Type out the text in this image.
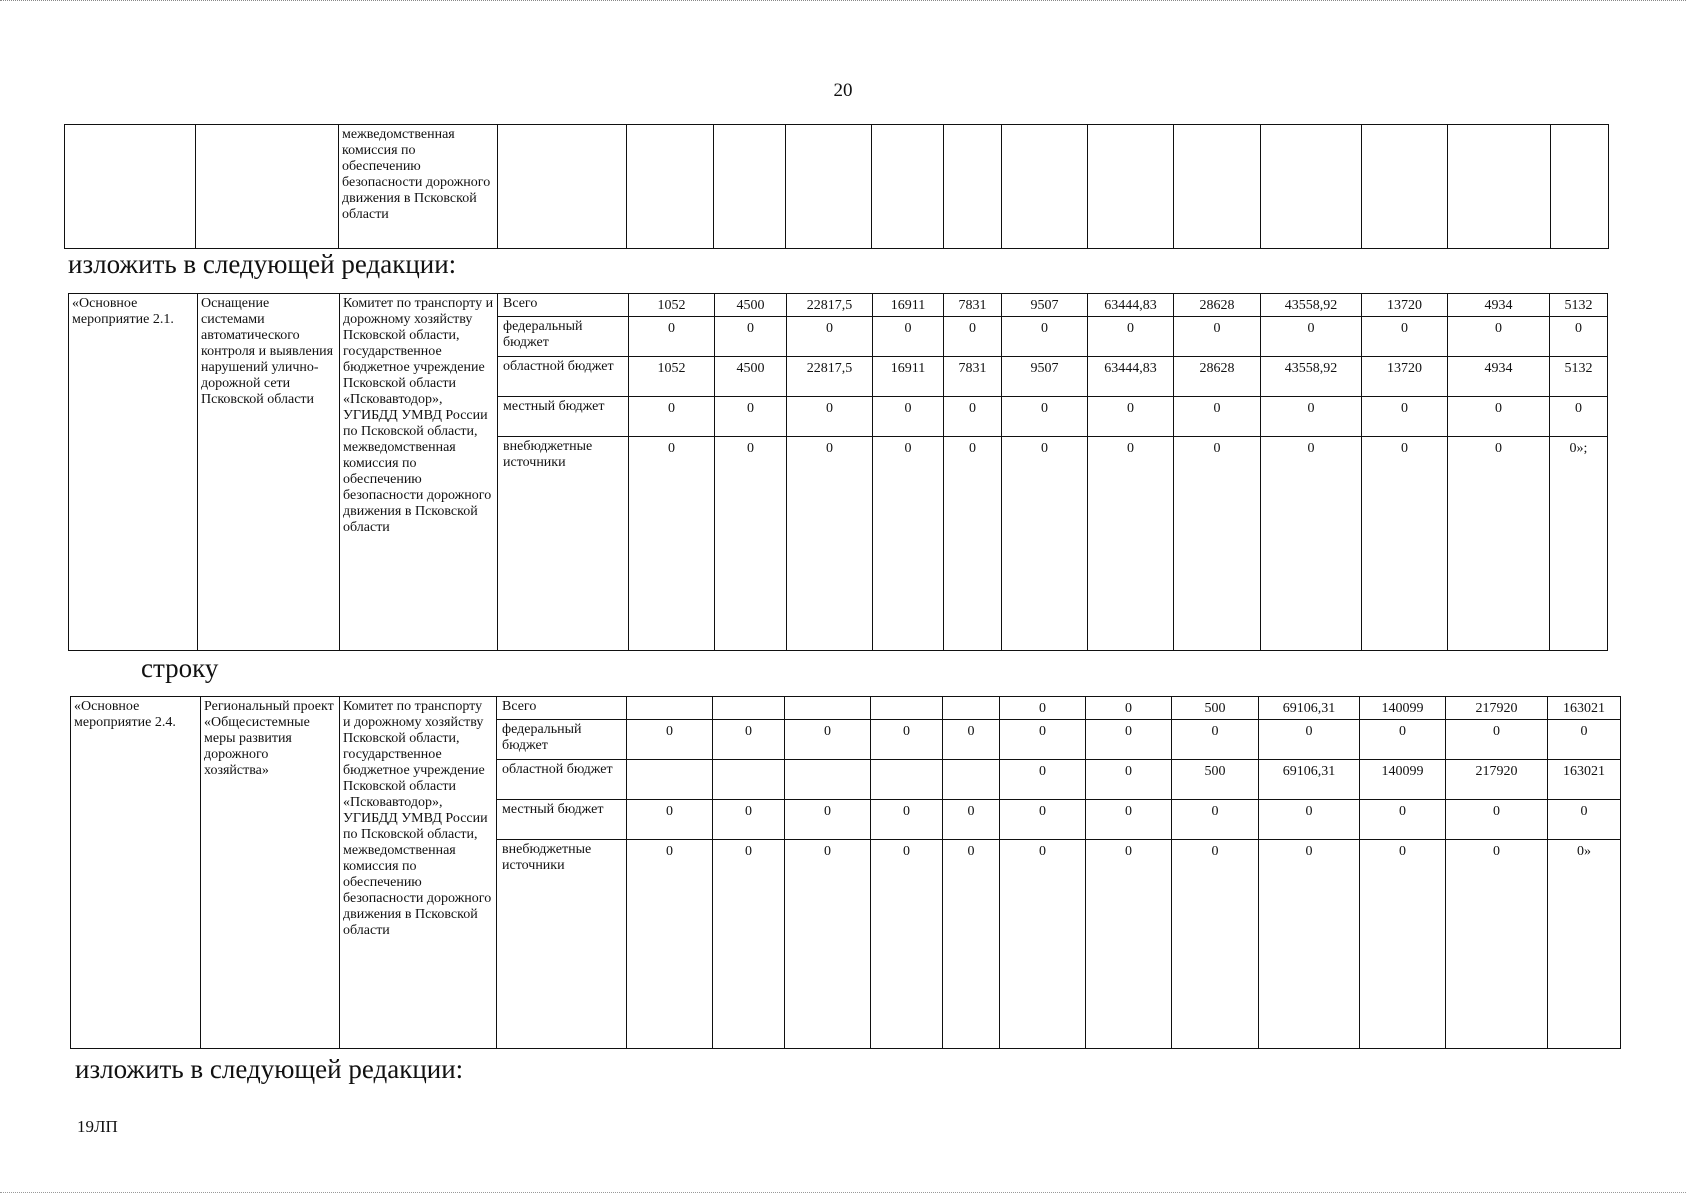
20
		межведомственная комиссия по обеспечению безопасности дорожного движения в Псковской области													
изложить в следующей редакции:
«Основное мероприятие 2.1.	Оснащение системами автоматического контроля и выявления нарушений улично-дорожной сети Псковской области	Комитет по транспорту и дорожному хозяйству Псковской области,
государственное бюджетное учреждение Псковской области «Псковавтодор»,
УГИБДД УМВД России по Псковской области,
межведомственная комиссия по обеспечению безопасности дорожного движения в Псковской области	Всего	1052	4500	22817,5	16911	7831	9507	63444,83	28628	43558,92	13720	4934	5132
			федеральный бюджет	0	0	0	0	0	0	0	0	0	0	0	0
			областной бюджет	1052	4500	22817,5	16911	7831	9507	63444,83	28628	43558,92	13720	4934	5132
			местный бюджет	0	0	0	0	0	0	0	0	0	0	0	0
			внебюджетные источники	0	0	0	0	0	0	0	0	0	0	0	0»;
строку
«Основное мероприятие 2.4.	Региональный проект «Общесистемные меры развития дорожного хозяйства»	Комитет по транспорту и дорожному хозяйству Псковской области,
государственное бюджетное учреждение Псковской области «Псковавтодор»,
УГИБДД УМВД России по Псковской области, межведомственная комиссия по обеспечению безопасности дорожного движения в Псковской области	Всего						0	0	500	69106,31	140099	217920	163021
			федеральный бюджет	0	0	0	0	0	0	0	0	0	0	0	0
			областной бюджет						0	0	500	69106,31	140099	217920	163021
			местный бюджет	0	0	0	0	0	0	0	0	0	0	0	0
			внебюджетные источники	0	0	0	0	0	0	0	0	0	0	0	0»
изложить в следующей редакции:
19ЛП
